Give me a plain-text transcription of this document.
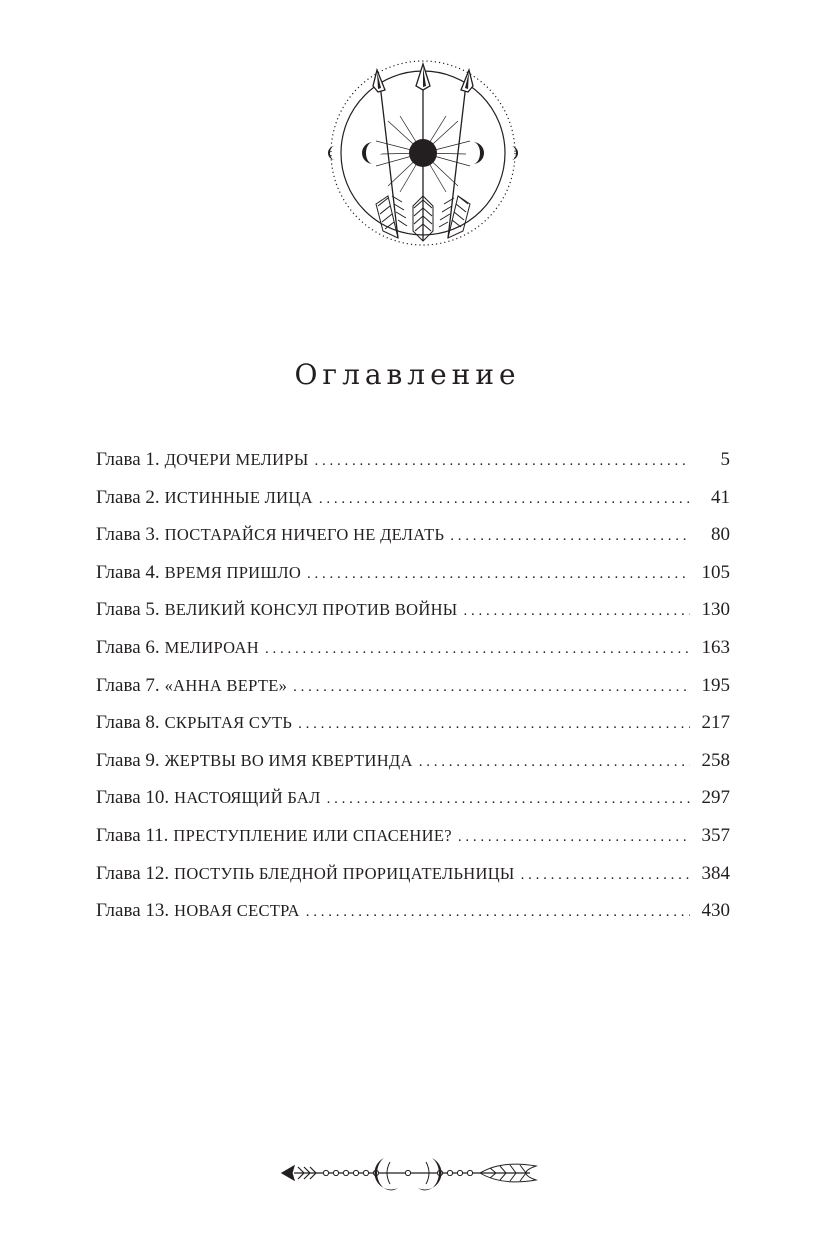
Оглавление
Глава 1. ДОЧЕРИ МЕЛИРЫ . . .	5
Глава 2. ИСТИННЫЕ ЛИЦА . . .	41
Глава 3. ПОСТАРАЙСЯ НИЧЕГО НЕ ДЕЛАТЬ . . .	80
Глава 4. ВРЕМЯ ПРИШЛО . . .	105
Глава 5. ВЕЛИКИЙ КОНСУЛ ПРОТИВ ВОЙНЫ . . .	130
Глава 6. МЕЛИРОАН . . .	163
Глава 7. «АННА ВЕРТЕ» . . .	195
Глава 8. СКРЫТАЯ СУТЬ . . .	217
Глава 9. ЖЕРТВЫ ВО ИМЯ КВЕРТИНДА . . .	258
Глава 10. НАСТОЯЩИЙ БАЛ . . .	297
Глава 11. ПРЕСТУПЛЕНИЕ ИЛИ СПАСЕНИЕ? . . .	357
Глава 12. ПОСТУПЬ БЛЕДНОЙ ПРОРИЦАТЕЛЬНИЦЫ . . .	384
Глава 13. НОВАЯ СЕСТРА . . .	430
